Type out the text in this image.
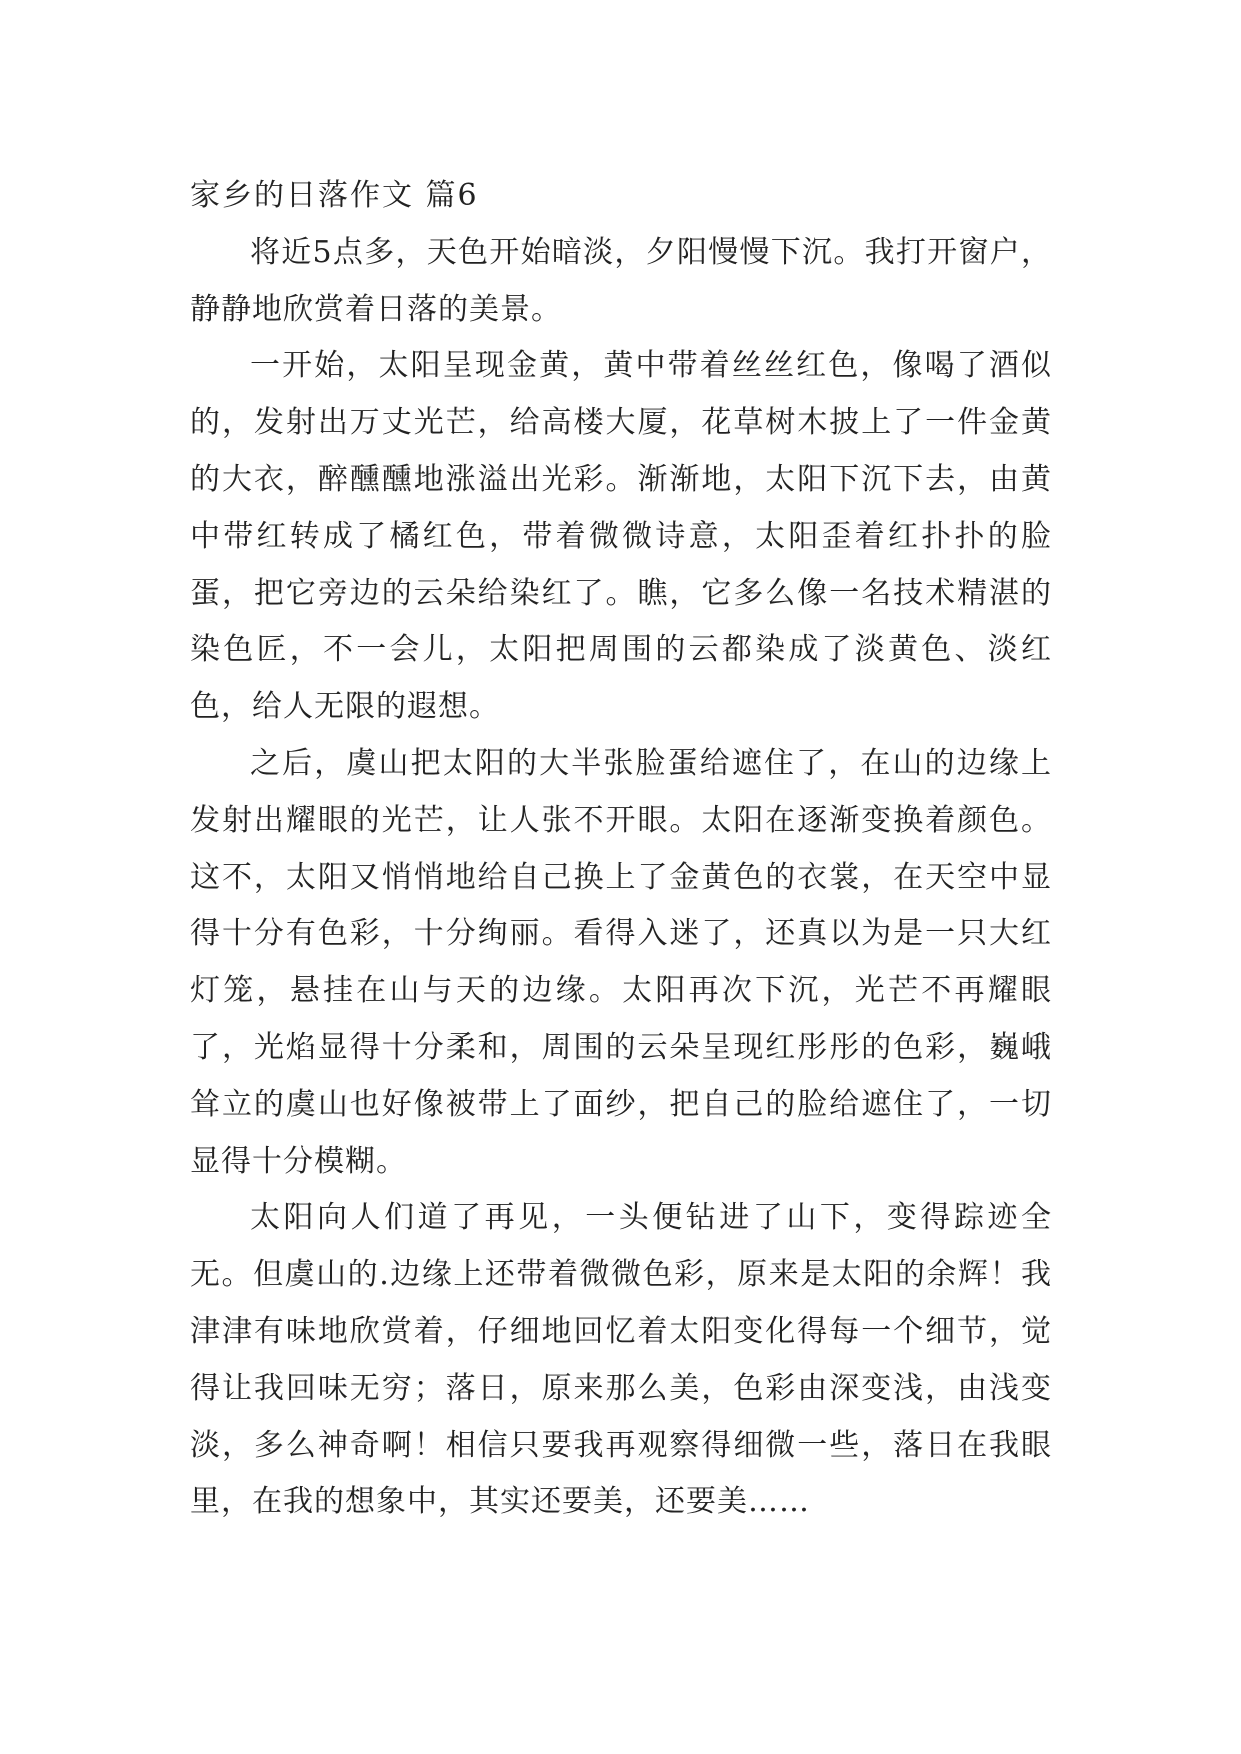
家乡的日落作文 篇6

将近5点多，天色开始暗淡，夕阳慢慢下沉。我打开窗户，静静地欣赏着日落的美景。

一开始，太阳呈现金黄，黄中带着丝丝红色，像喝了酒似的，发射出万丈光芒，给高楼大厦，花草树木披上了一件金黄的大衣，醉醺醺地涨溢出光彩。渐渐地，太阳下沉下去，由黄中带红转成了橘红色，带着微微诗意，太阳歪着红扑扑的脸蛋，把它旁边的云朵给染红了。瞧，它多么像一名技术精湛的染色匠，不一会儿，太阳把周围的云都染成了淡黄色、淡红色，给人无限的遐想。

之后，虞山把太阳的大半张脸蛋给遮住了，在山的边缘上发射出耀眼的光芒，让人张不开眼。太阳在逐渐变换着颜色。这不，太阳又悄悄地给自己换上了金黄色的衣裳，在天空中显得十分有色彩，十分绚丽。看得入迷了，还真以为是一只大红灯笼，悬挂在山与天的边缘。太阳再次下沉，光芒不再耀眼了，光焰显得十分柔和，周围的云朵呈现红彤彤的色彩，巍峨耸立的虞山也好像被带上了面纱，把自己的脸给遮住了，一切显得十分模糊。

太阳向人们道了再见，一头便钻进了山下，变得踪迹全无。但虞山的.边缘上还带着微微色彩，原来是太阳的余辉！我津津有味地欣赏着，仔细地回忆着太阳变化得每一个细节，觉得让我回味无穷；落日，原来那么美，色彩由深变浅，由浅变淡，多么神奇啊！相信只要我再观察得细微一些，落日在我眼里，在我的想象中，其实还要美，还要美……
